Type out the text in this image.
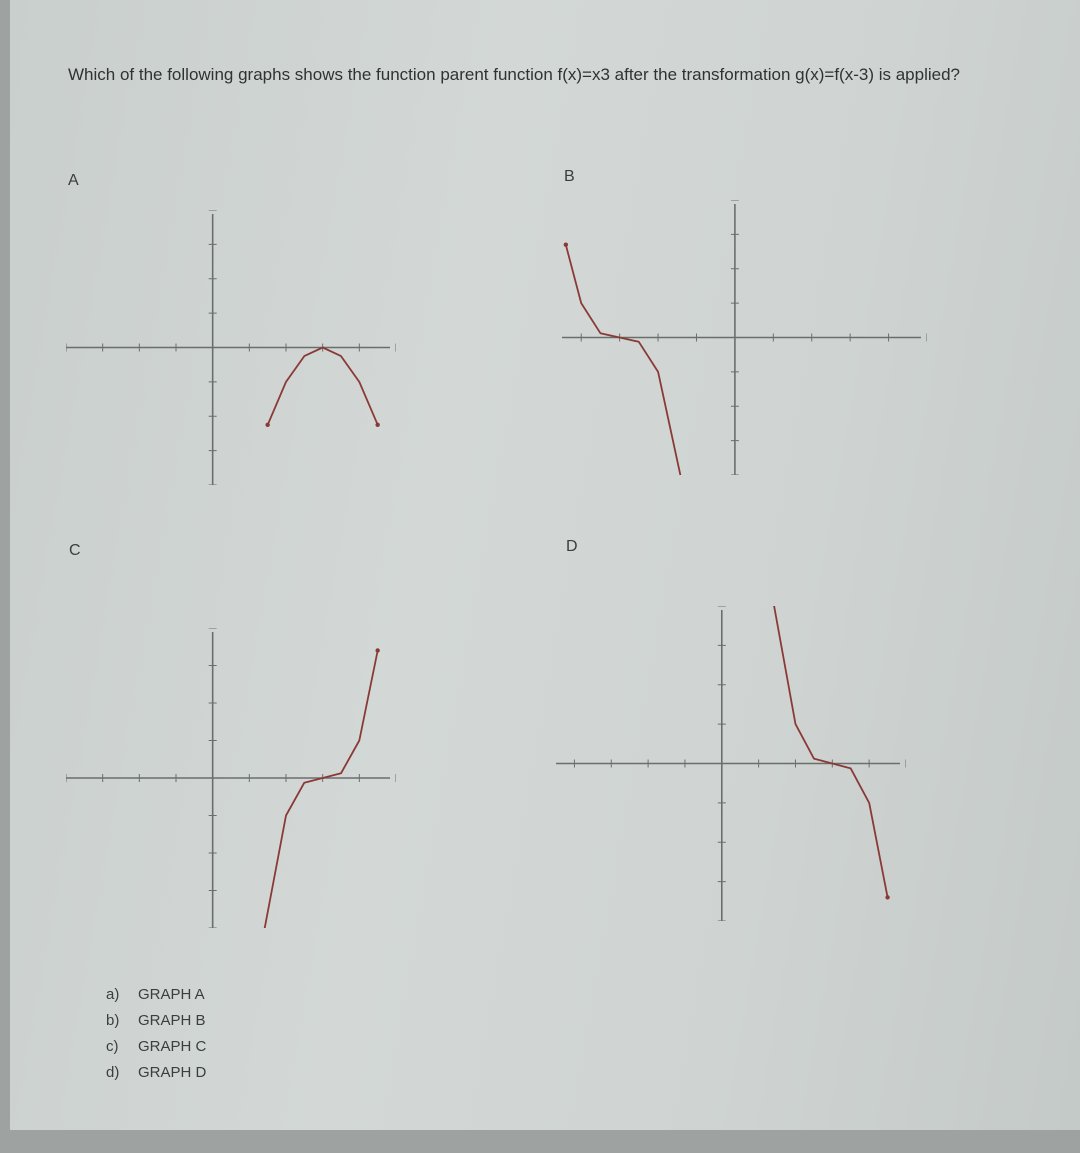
Which of the following graphs shows the function parent function f(x)=x3 after the transformation g(x)=f(x-3) is applied?
A	B
C	D
a) GRAPH A
b) GRAPH B
c) GRAPH C
d) GRAPH D
